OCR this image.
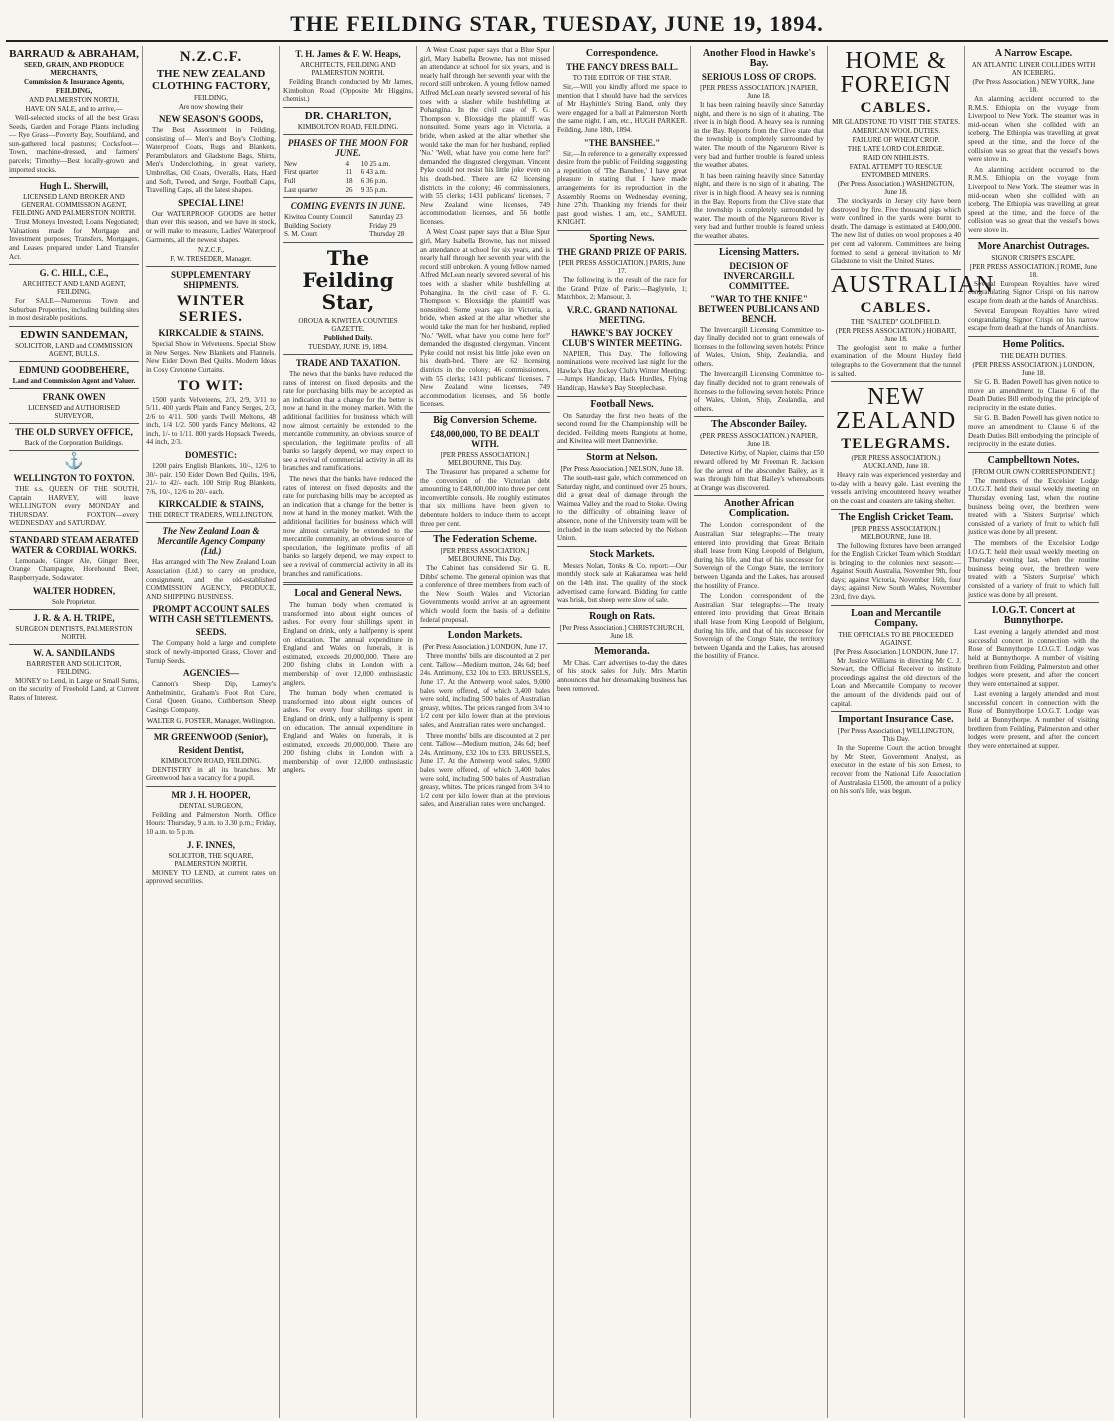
THE FEILDING STAR, TUESDAY, JUNE 19, 1894.
BARRAUD & ABRAHAM,
SEED, GRAIN, AND PRODUCE MERCHANTS,
Commission & Insurance Agents,
FEILDING,
AND PALMERSTON NORTH,
HAVE ON SALE, and to arrive,—

Well-selected stocks of all the best Grass Seeds, Garden and Forage Plants including— Rye Grass—Poverty Bay, Southland, and sun-gathered local pastures; Cocksfoot—Town, machine-dressed, and farmers' parcels; Timothy—Best locally-grown and imported stocks.

Hugh L. Sherwill,
LICENSED LAND BROKER AND GENERAL COMMISSION AGENT, FEILDING AND PALMERSTON NORTH.

Trust Moneys Invested; Loans Negotiated; Valuations made for Mortgage and Investment purposes; Transfers, Mortgages, and Leases prepared under Land Transfer Act.

G. C. HILL, C.E.,
ARCHITECT AND LAND AGENT, FEILDING.

For SALE—Numerous Town and Suburban Properties, including building sites in most desirable positions.

EDWIN SANDEMAN,
SOLICITOR, LAND and COMMISSION AGENT, BULLS.
EDMUND GOODBEHERE,
Land and Commission Agent and Valuer.
FRANK OWEN
LICENSED and AUTHORISED SURVEYOR,
THE OLD SURVEY OFFICE,
Back of the Corporation Buildings.
⚓
WELLINGTON TO FOXTON.

THE s.s. QUEEN OF THE SOUTH, Captain HARVEY, will leave WELLINGTON every MONDAY and THURSDAY. FOXTON—every WEDNESDAY and SATURDAY.

STANDARD STEAM AERATED WATER & CORDIAL WORKS.

Lemonade, Ginger Ale, Ginger Beer, Orange Champagne, Horehound Beer, Raspberryade, Sodawater.

WALTER HODREN,
Sole Proprietor.
J. R. & A. H. TRIPE,
SURGEON DENTISTS, PALMERSTON NORTH.
W. A. SANDILANDS
BARRISTER AND SOLICITOR, FEILDING.

MONEY to Lend, in Large or Small Sums, on the security of Freehold Land, at Current Rates of Interest.

N.Z.C.F.
THE NEW ZEALAND CLOTHING FACTORY,
FEILDING,
Are now showing their
NEW SEASON'S GOODS,

The Best Assortment in Feilding, consisting of— Men's and Boy's Clothing, Waterproof Coats, Rugs and Blankets, Perambulators and Gladstone Bags, Shirts, Men's Underclothing, in great variety, Umbrellas, Oil Coats, Overalls, Hats, Hard and Soft, Tweed, and Serge, Football Caps, Travelling Caps, all the latest shapes.

SPECIAL LINE!

Our WATERPROOF GOODS are better than ever this season, and we have in stock, or will make to measure, Ladies' Waterproof Garments, all the newest shapes.

N.Z.C.F.,
F. W. TRESEDER, Manager.
SUPPLEMENTARY SHIPMENTS.
WINTER SERIES.
KIRKCALDIE & STAINS.

Special Show in Velveteens. Special Show in New Serges. New Blankets and Flannels. New Eider Down Bed Quilts. Modern Ideas in Cosy Cretonne Curtains.

TO WIT:

1500 yards Velveteens, 2/3, 2/9, 3/11 to 5/11. 400 yards Plain and Fancy Serges, 2/3, 2/6 to 4/11. 500 yards Twill Meltons, 48 inch, 1/4 1/2. 500 yards Fancy Meltons, 42 inch, 1/- to 1/11. 800 yards Hopsack Tweeds, 44 inch, 2/3.

DOMESTIC:

1200 pairs English Blankets, 10/-, 12/6 to 30/- pair. 150 Eider Down Bed Quilts, 19/6, 21/- to 42/- each. 100 Strip Rug Blankets, 7/6, 10/-, 12/6 to 20/- each.

KIRKCALDIE & STAINS,
THE DIRECT TRADERS, WELLINGTON.
The New Zealand Loan & Mercantile Agency Company (Ltd.)

Has arranged with The New Zealand Loan Association (Ltd.) to carry on produce, consignment, and the old-established COMMISSION AGENCY, PRODUCE, AND SHIPPING BUSINESS.

PROMPT ACCOUNT SALES WITH CASH SETTLEMENTS.
SEEDS.

The Company hold a large and complete stock of newly-imported Grass, Clover and Turnip Seeds.

AGENCIES—

Cannon's Sheep Dip, Lamey's Anthelmintic, Graham's Foot Rot Cure, Coral Queen Guano, Cuthbertson Sheep Casings Company.

WALTER G. FOSTER, Manager, Wellington.
MR GREENWOOD (Senior),
Resident Dentist,
KIMBOLTON ROAD, FEILDING.

DENTISTRY in all its branches. Mr Greenwood has a vacancy for a pupil.

MR J. H. HOOPER,
DENTAL SURGEON,

Feilding and Palmerston North. Office Hours: Thursday, 9 a.m. to 3.30 p.m.; Friday, 10 a.m. to 5 p.m.

J. F. INNES,
SOLICITOR, THE SQUARE, PALMERSTON NORTH.

MONEY TO LEND, at current rates on approved securities.

T. H. James & F. W. Heaps,
ARCHITECTS, FEILDING AND PALMERSTON NORTH.

Feilding Branch conducted by Mr James, Kimbolton Road (Opposite Mr Higgins, chemist.)

DR. CHARLTON,
KIMBOLTON ROAD, FEILDING.
PHASES OF THE MOON FOR JUNE.
New	4	10 25 a.m.
First quarter	11	6 43 a.m.
Full	18	6 36 p.m.
Last quarter	26	9 35 p.m.
COMING EVENTS IN JUNE.
Kiwitea County Council	Saturday 23
Building Society	Friday 29
S. M. Court	Thursday 28
The Feilding Star,
OROUA & KIWITEA COUNTIES GAZETTE.
Published Daily.
TUESDAY, JUNE 19, 1894.
TRADE AND TAXATION.

The news that the banks have reduced the rates of interest on fixed deposits and the rate for purchasing bills may be accepted as an indication that a change for the better is now at hand in the money market. With the additional facilities for business which will now almost certainly be extended to the mercantile community, an obvious source of speculation, the legitimate profits of all banks so largely depend, we may expect to see a revival of commercial activity in all its branches and ramifications.

The news that the banks have reduced the rates of interest on fixed deposits and the rate for purchasing bills may be accepted as an indication that a change for the better is now at hand in the money market. With the additional facilities for business which will now almost certainly be extended to the mercantile community, an obvious source of speculation, the legitimate profits of all banks so largely depend, we may expect to see a revival of commercial activity in all its branches and ramifications.

Local and General News.

The human body when cremated is transformed into about eight ounces of ashes. For every four shillings spent in England on drink, only a halfpenny is spent on education. The annual expenditure in England and Wales on funerals, it is estimated, exceeds 20,000,000. There are 200 fishing clubs in London with a membership of over 12,000 enthusiastic anglers.

The human body when cremated is transformed into about eight ounces of ashes. For every four shillings spent in England on drink, only a halfpenny is spent on education. The annual expenditure in England and Wales on funerals, it is estimated, exceeds 20,000,000. There are 200 fishing clubs in London with a membership of over 12,000 enthusiastic anglers.

A West Coast paper says that a Blue Spur girl, Mary Isabella Browne, has not missed an attendance at school for six years, and is nearly half through her seventh year with the record still unbroken. A young fellow named Alfred McLean nearly severed several of his toes with a slasher while bushfelling at Pohangina. In the civil case of F. G. Thompson v. Bloxsidge the plaintiff was nonsuited. Some years ago in Victoria, a bride, when asked at the altar whether she would take the man for her husband, replied 'No.' 'Well, what have you come here for?' demanded the disgusted clergyman. Vincent Pyke could not resist his little joke even on his death-bed. There are 62 licensing districts in the colony; 46 commissioners, with 55 clerks; 1431 publicans' licenses, 7 New Zealand wine licenses, 749 accommodation licenses, and 56 bottle licenses.

A West Coast paper says that a Blue Spur girl, Mary Isabella Browne, has not missed an attendance at school for six years, and is nearly half through her seventh year with the record still unbroken. A young fellow named Alfred McLean nearly severed several of his toes with a slasher while bushfelling at Pohangina. In the civil case of F. G. Thompson v. Bloxsidge the plaintiff was nonsuited. Some years ago in Victoria, a bride, when asked at the altar whether she would take the man for her husband, replied 'No.' 'Well, what have you come here for?' demanded the disgusted clergyman. Vincent Pyke could not resist his little joke even on his death-bed. There are 62 licensing districts in the colony; 46 commissioners, with 55 clerks; 1431 publicans' licenses, 7 New Zealand wine licenses, 749 accommodation licenses, and 56 bottle licenses.

Big Conversion Scheme.
£48,000,000, TO BE DEALT WITH.
[PER PRESS ASSOCIATION.] MELBOURNE, This Day.

The Treasurer has prepared a scheme for the conversion of the Victorian debt amounting to £48,000,000 into three per cent inconvertible consols. He roughly estimates that six millions have been given to debenture holders to induce them to accept three per cent.

The Federation Scheme.
[PER PRESS ASSOCIATION.] MELBOURNE, This Day.

The Cabinet has considered Sir G. R. Dibbs' scheme. The general opinion was that a conference of three members from each of the New South Wales and Victorian Governments would arrive at an agreement which would form the basis of a definite federal proposal.

London Markets.
(Per Press Association.) LONDON, June 17.

Three months' bills are discounted at 2 per cent. Tallow—Medium mutton, 24s 6d; beef 24s. Antimony, £32 10s to £33. BRUSSELS, June 17. At the Antwerp wool sales, 9,000 bales were offered, of which 3,400 bales were sold, including 500 bales of Australian greasy, whites. The prices ranged from 3/4 to 1/2 cent per kilo lower than at the previous sales, and Australian rates were unchanged.

Three months' bills are discounted at 2 per cent. Tallow—Medium mutton, 24s 6d; beef 24s. Antimony, £32 10s to £33. BRUSSELS, June 17. At the Antwerp wool sales, 9,000 bales were offered, of which 3,400 bales were sold, including 500 bales of Australian greasy, whites. The prices ranged from 3/4 to 1/2 cent per kilo lower than at the previous sales, and Australian rates were unchanged.

Correspondence.
THE FANCY DRESS BALL.
TO THE EDITOR OF THE STAR.

Sir,—Will you kindly afford me space to mention that I should have had the services of Mr Hayhittle's String Band, only they were engaged for a ball at Palmerston North the same night. I am, etc., HUGH PARKER. Feilding, June 18th, 1894.

"THE BANSHEE."

Sir,—In reference to a generally expressed desire from the public of Feilding suggesting a repetition of 'The Banshee,' I have great pleasure in stating that I have made arrangements for its reproduction in the Assembly Rooms on Wednesday evening, June 27th. Thanking my friends for their past good wishes. I am, etc., SAMUEL KNIGHT.

Sporting News.
THE GRAND PRIZE OF PARIS.
[PER PRESS ASSOCIATION.] PARIS, June 17.

The following is the result of the race for the Grand Prize of Paris:—Baglytele, 1; Matchbox, 2; Mansour, 3.

V.R.C. GRAND NATIONAL MEETING.
HAWKE'S BAY JOCKEY CLUB'S WINTER MEETING.

NAPIER, This Day. The following nominations were received last night for the Hawke's Bay Jockey Club's Winter Meeting:—Jumps Handicap, Hack Hurdles, Flying Handicap, Hawke's Bay Steeplechase.

Football News.

On Saturday the first two heats of the second round for the Championship will be decided. Feilding meets Rangiotu at home, and Kiwitea will meet Dannevirke.

Storm at Nelson.
[Per Press Association.] NELSON, June 18.

The south-east gale, which commenced on Saturday night, and continued over 25 hours, did a great deal of damage through the Waimea Valley and the road to Stoke. Owing to the difficulty of obtaining leave of absence, none of the University team will be included in the team selected by the Nelson Union.

Stock Markets.

Messrs Nolan, Tonks & Co. report:—Our monthly stock sale at Kakaramea was held on the 14th inst. The quality of the stock advertised came forward. Bidding for cattle was brisk, but sheep were slow of sale.

Rough on Rats.
[Per Press Association.] CHRISTCHURCH, June 18.
Memoranda.

Mr Chas. Carr advertises to-day the dates of his stock sales for July. Mrs Martin announces that her dressmaking business has been removed.

Another Flood in Hawke's Bay.
SERIOUS LOSS OF CROPS.
[PER PRESS ASSOCIATION.] NAPIER, June 18.

It has been raining heavily since Saturday night, and there is no sign of it abating. The river is in high flood. A heavy sea is running in the Bay. Reports from the Clive state that the township is completely surrounded by water. The mouth of the Ngaruroro River is very bad and further trouble is feared unless the weather abates.

It has been raining heavily since Saturday night, and there is no sign of it abating. The river is in high flood. A heavy sea is running in the Bay. Reports from the Clive state that the township is completely surrounded by water. The mouth of the Ngaruroro River is very bad and further trouble is feared unless the weather abates.

Licensing Matters.
DECISION OF INVERCARGILL COMMITTEE.
"WAR TO THE KNIFE" BETWEEN PUBLICANS AND BENCH.

The Invercargill Licensing Committee to-day finally decided not to grant renewals of licenses to the following seven hotels: Prince of Wales, Union, Ship, Zealandia, and others.

The Invercargill Licensing Committee to-day finally decided not to grant renewals of licenses to the following seven hotels: Prince of Wales, Union, Ship, Zealandia, and others.

The Absconder Bailey.
(PER PRESS ASSOCIATION.) NAPIER, June 18.

Detective Kirby, of Napier, claims that £50 reward offered by Mr Freeman R. Jackson for the arrest of the absconder Bailey, as it was through him that Bailey's whereabouts at Orange was discovered.

Another African Complication.

The London correspondent of the Australian Star telegraphs:—The treaty entered into providing that Great Britain shall lease from King Leopold of Belgium, during his life, and that of his successor for Sovereign of the Congo State, the territory between Uganda and the Lakes, has aroused the hostility of France.

The London correspondent of the Australian Star telegraphs:—The treaty entered into providing that Great Britain shall lease from King Leopold of Belgium, during his life, and that of his successor for Sovereign of the Congo State, the territory between Uganda and the Lakes, has aroused the hostility of France.

HOME & FOREIGN
CABLES.
MR GLADSTONE TO VISIT THE STATES.
AMERICAN WOOL DUTIES.
FAILURE OF WHEAT CROP.
THE LATE LORD COLERIDGE.
RAID ON NIHILISTS.
FATAL ATTEMPT TO RESCUE ENTOMBED MINERS.
(Per Press Association.) WASHINGTON, June 18.

The stockyards in Jersey city have been destroyed by fire. Five thousand pigs which were confined in the yards were burnt to death. The damage is estimated at £400,000. The new list of duties on wool proposes a 40 per cent ad valorem. Committees are being formed to send a general invitation to Mr Gladstone to visit the United States.

AUSTRALIAN
CABLES.
THE "SALTED" GOLDFIELD.
(PER PRESS ASSOCIATION.) HOBART, June 18.

The geologist sent to make a further examination of the Mount Huxley field telegraphs to the Government that the tunnel is salted.

NEW ZEALAND
TELEGRAMS.
(PER PRESS ASSOCIATION.) AUCKLAND, June 18.

Heavy rain was experienced yesterday and to-day with a heavy gale. Last evening the vessels arriving encountered heavy weather on the coast and coasters are taking shelter.

The English Cricket Team.
[PER PRESS ASSOCIATION.] MELBOURNE, June 18.

The following fixtures have been arranged for the English Cricket Team which Stoddart is bringing to the colonies next season:—Against South Australia, November 9th, four days; against Victoria, November 16th, four days; against New South Wales, November 23rd, five days.

Loan and Mercantile Company.
THE OFFICIALS TO BE PROCEEDED AGAINST.
[Per Press Association.] LONDON, June 17.

Mr Justice Williams in directing Mr C. J. Stewart, the Official Receiver to institute proceedings against the old directors of the Loan and Mercantile Company to recover the amount of the dividends paid out of capital.

Important Insurance Case.
[Per Press Association.] WELLINGTON, This Day.

In the Supreme Court the action brought by Mr Steer, Government Analyst, as executor in the estate of his son Ernest, to recover from the National Life Association of Australasia £1500, the amount of a policy on his son's life, was begun.

A Narrow Escape.
AN ATLANTIC LINER COLLIDES WITH AN ICEBERG.
(Per Press Association.) NEW YORK, June 18.

An alarming accident occurred to the R.M.S. Ethiopia on the voyage from Liverpool to New York. The steamer was in mid-ocean when she collided with an iceberg. The Ethiopia was travelling at great speed at the time, and the force of the collision was so great that the vessel's bows were stove in.

An alarming accident occurred to the R.M.S. Ethiopia on the voyage from Liverpool to New York. The steamer was in mid-ocean when she collided with an iceberg. The Ethiopia was travelling at great speed at the time, and the force of the collision was so great that the vessel's bows were stove in.

More Anarchist Outrages.
SIGNOR CRISPI'S ESCAPE.
[PER PRESS ASSOCIATION.] ROME, June 18.

Several European Royalties have wired congratulating Signor Crispi on his narrow escape from death at the hands of Anarchists.

Several European Royalties have wired congratulating Signor Crispi on his narrow escape from death at the hands of Anarchists.

Home Politics.
THE DEATH DUTIES.
(PER PRESS ASSOCIATION.) LONDON, June 18.

Sir G. B. Baden Powell has given notice to move an amendment to Clause 6 of the Death Duties Bill embodying the principle of reciprocity in the estate duties.

Sir G. B. Baden Powell has given notice to move an amendment to Clause 6 of the Death Duties Bill embodying the principle of reciprocity in the estate duties.

Campbelltown Notes.
[FROM OUR OWN CORRESPONDENT.]

The members of the Excelsior Lodge I.O.G.T. held their usual weekly meeting on Thursday evening last, when the routine business being over, the brethren were treated with a 'Sisters Surprise' which consisted of a variety of fruit to which full justice was done by all present.

The members of the Excelsior Lodge I.O.G.T. held their usual weekly meeting on Thursday evening last, when the routine business being over, the brethren were treated with a 'Sisters Surprise' which consisted of a variety of fruit to which full justice was done by all present.

I.O.G.T. Concert at Bunnythorpe.

Last evening a largely attended and most successful concert in connection with the Rose of Bunnythorpe I.O.G.T. Lodge was held at Bunnythorpe. A number of visiting brethren from Feilding, Palmerston and other lodges were present, and after the concert they were entertained at supper.

Last evening a largely attended and most successful concert in connection with the Rose of Bunnythorpe I.O.G.T. Lodge was held at Bunnythorpe. A number of visiting brethren from Feilding, Palmerston and other lodges were present, and after the concert they were entertained at supper.
